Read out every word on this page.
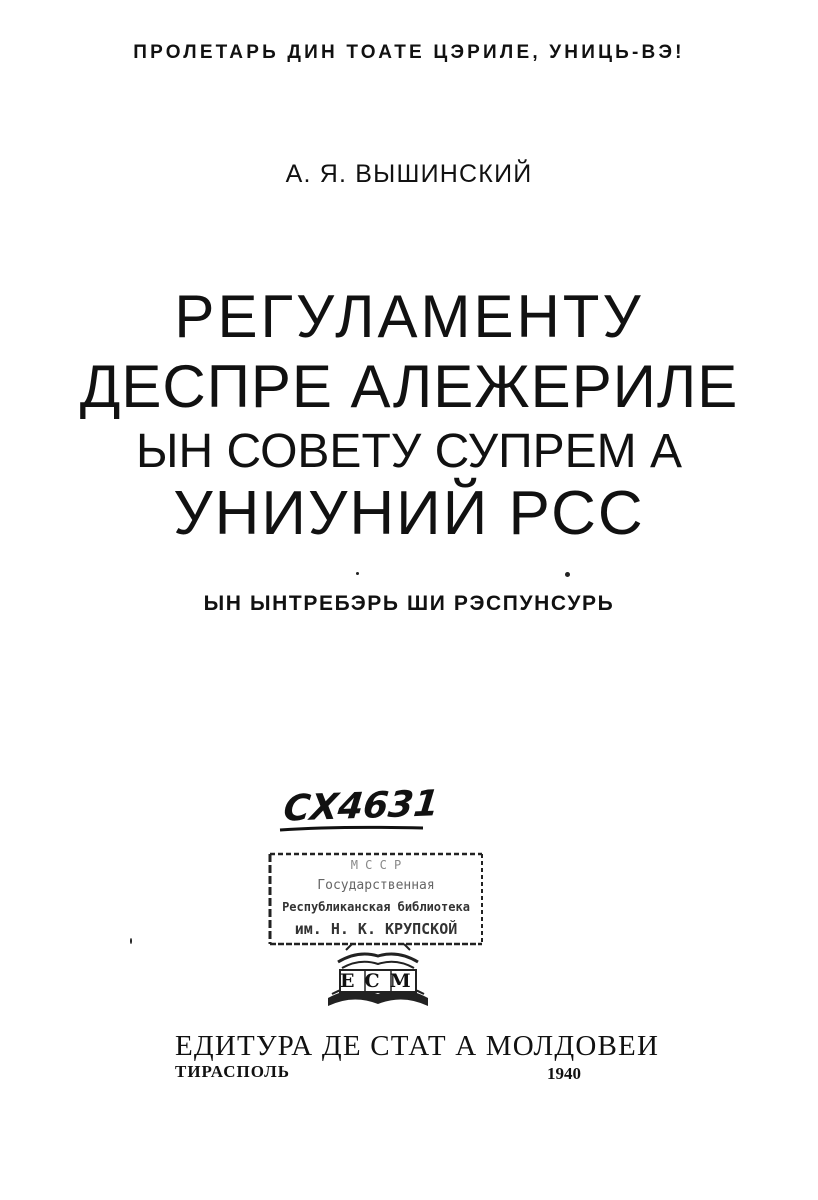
ПРОЛЕТАРЬ ДИН ТОАТЕ ЦЭРИЛЕ, УНИЦЬ-ВЭ!
А. Я. ВЫШИНСКИЙ
РЕГУЛАМЕНТУ
ДЕСПРЕ АЛЕЖЕРИЛЕ
ЫН СОВЕТУ СУПРЕМ А
УНИУНИЙ РСС
ЫН ЫНТРЕБЭРЬ ШИ РЭСПУНСУРЬ
СХ4631
М С С Р
Государственная
Республиканская библиотека
им. Н. К. КРУПСКОЙ
ЕСМ
ЕДИТУРА ДЕ СТАТ А МОЛДОВЕИ
ТИРАСПОЛЬ	1940
